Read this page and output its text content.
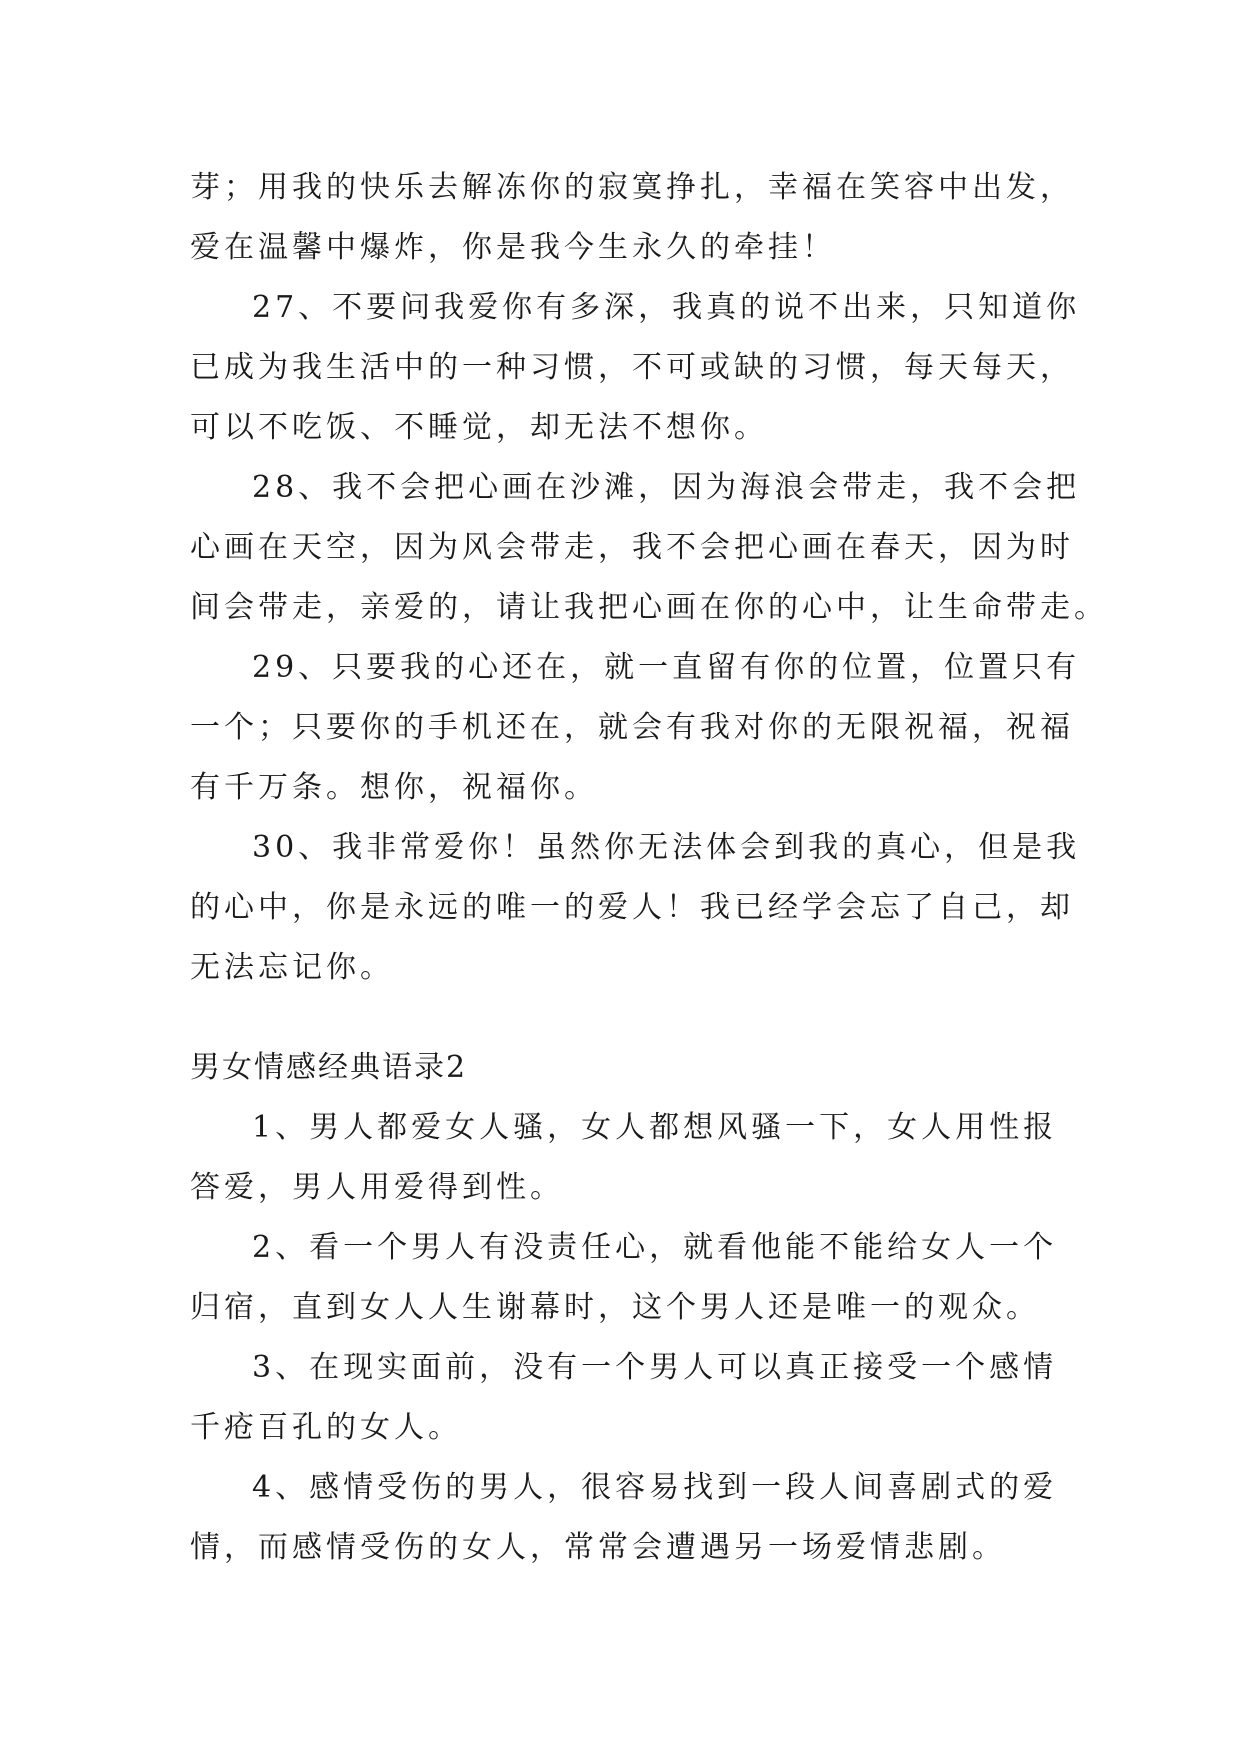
芽；用我的快乐去解冻你的寂寞挣扎，幸福在笑容中出发，
爱在温馨中爆炸，你是我今生永久的牵挂！
27、不要问我爱你有多深，我真的说不出来，只知道你
已成为我生活中的一种习惯，不可或缺的习惯，每天每天，
可以不吃饭、不睡觉，却无法不想你。
28、我不会把心画在沙滩，因为海浪会带走，我不会把
心画在天空，因为风会带走，我不会把心画在春天，因为时
间会带走，亲爱的，请让我把心画在你的心中，让生命带走。
29、只要我的心还在，就一直留有你的位置，位置只有
一个；只要你的手机还在，就会有我对你的无限祝福，祝福
有千万条。想你，祝福你。
30、我非常爱你！虽然你无法体会到我的真心，但是我
的心中，你是永远的唯一的爱人！我已经学会忘了自己，却
无法忘记你。
男女情感经典语录2
1、男人都爱女人骚，女人都想风骚一下，女人用性报
答爱，男人用爱得到性。
2、看一个男人有没责任心，就看他能不能给女人一个
归宿，直到女人人生谢幕时，这个男人还是唯一的观众。
3、在现实面前，没有一个男人可以真正接受一个感情
千疮百孔的女人。
4、感情受伤的男人，很容易找到一段人间喜剧式的爱
情，而感情受伤的女人，常常会遭遇另一场爱情悲剧。
